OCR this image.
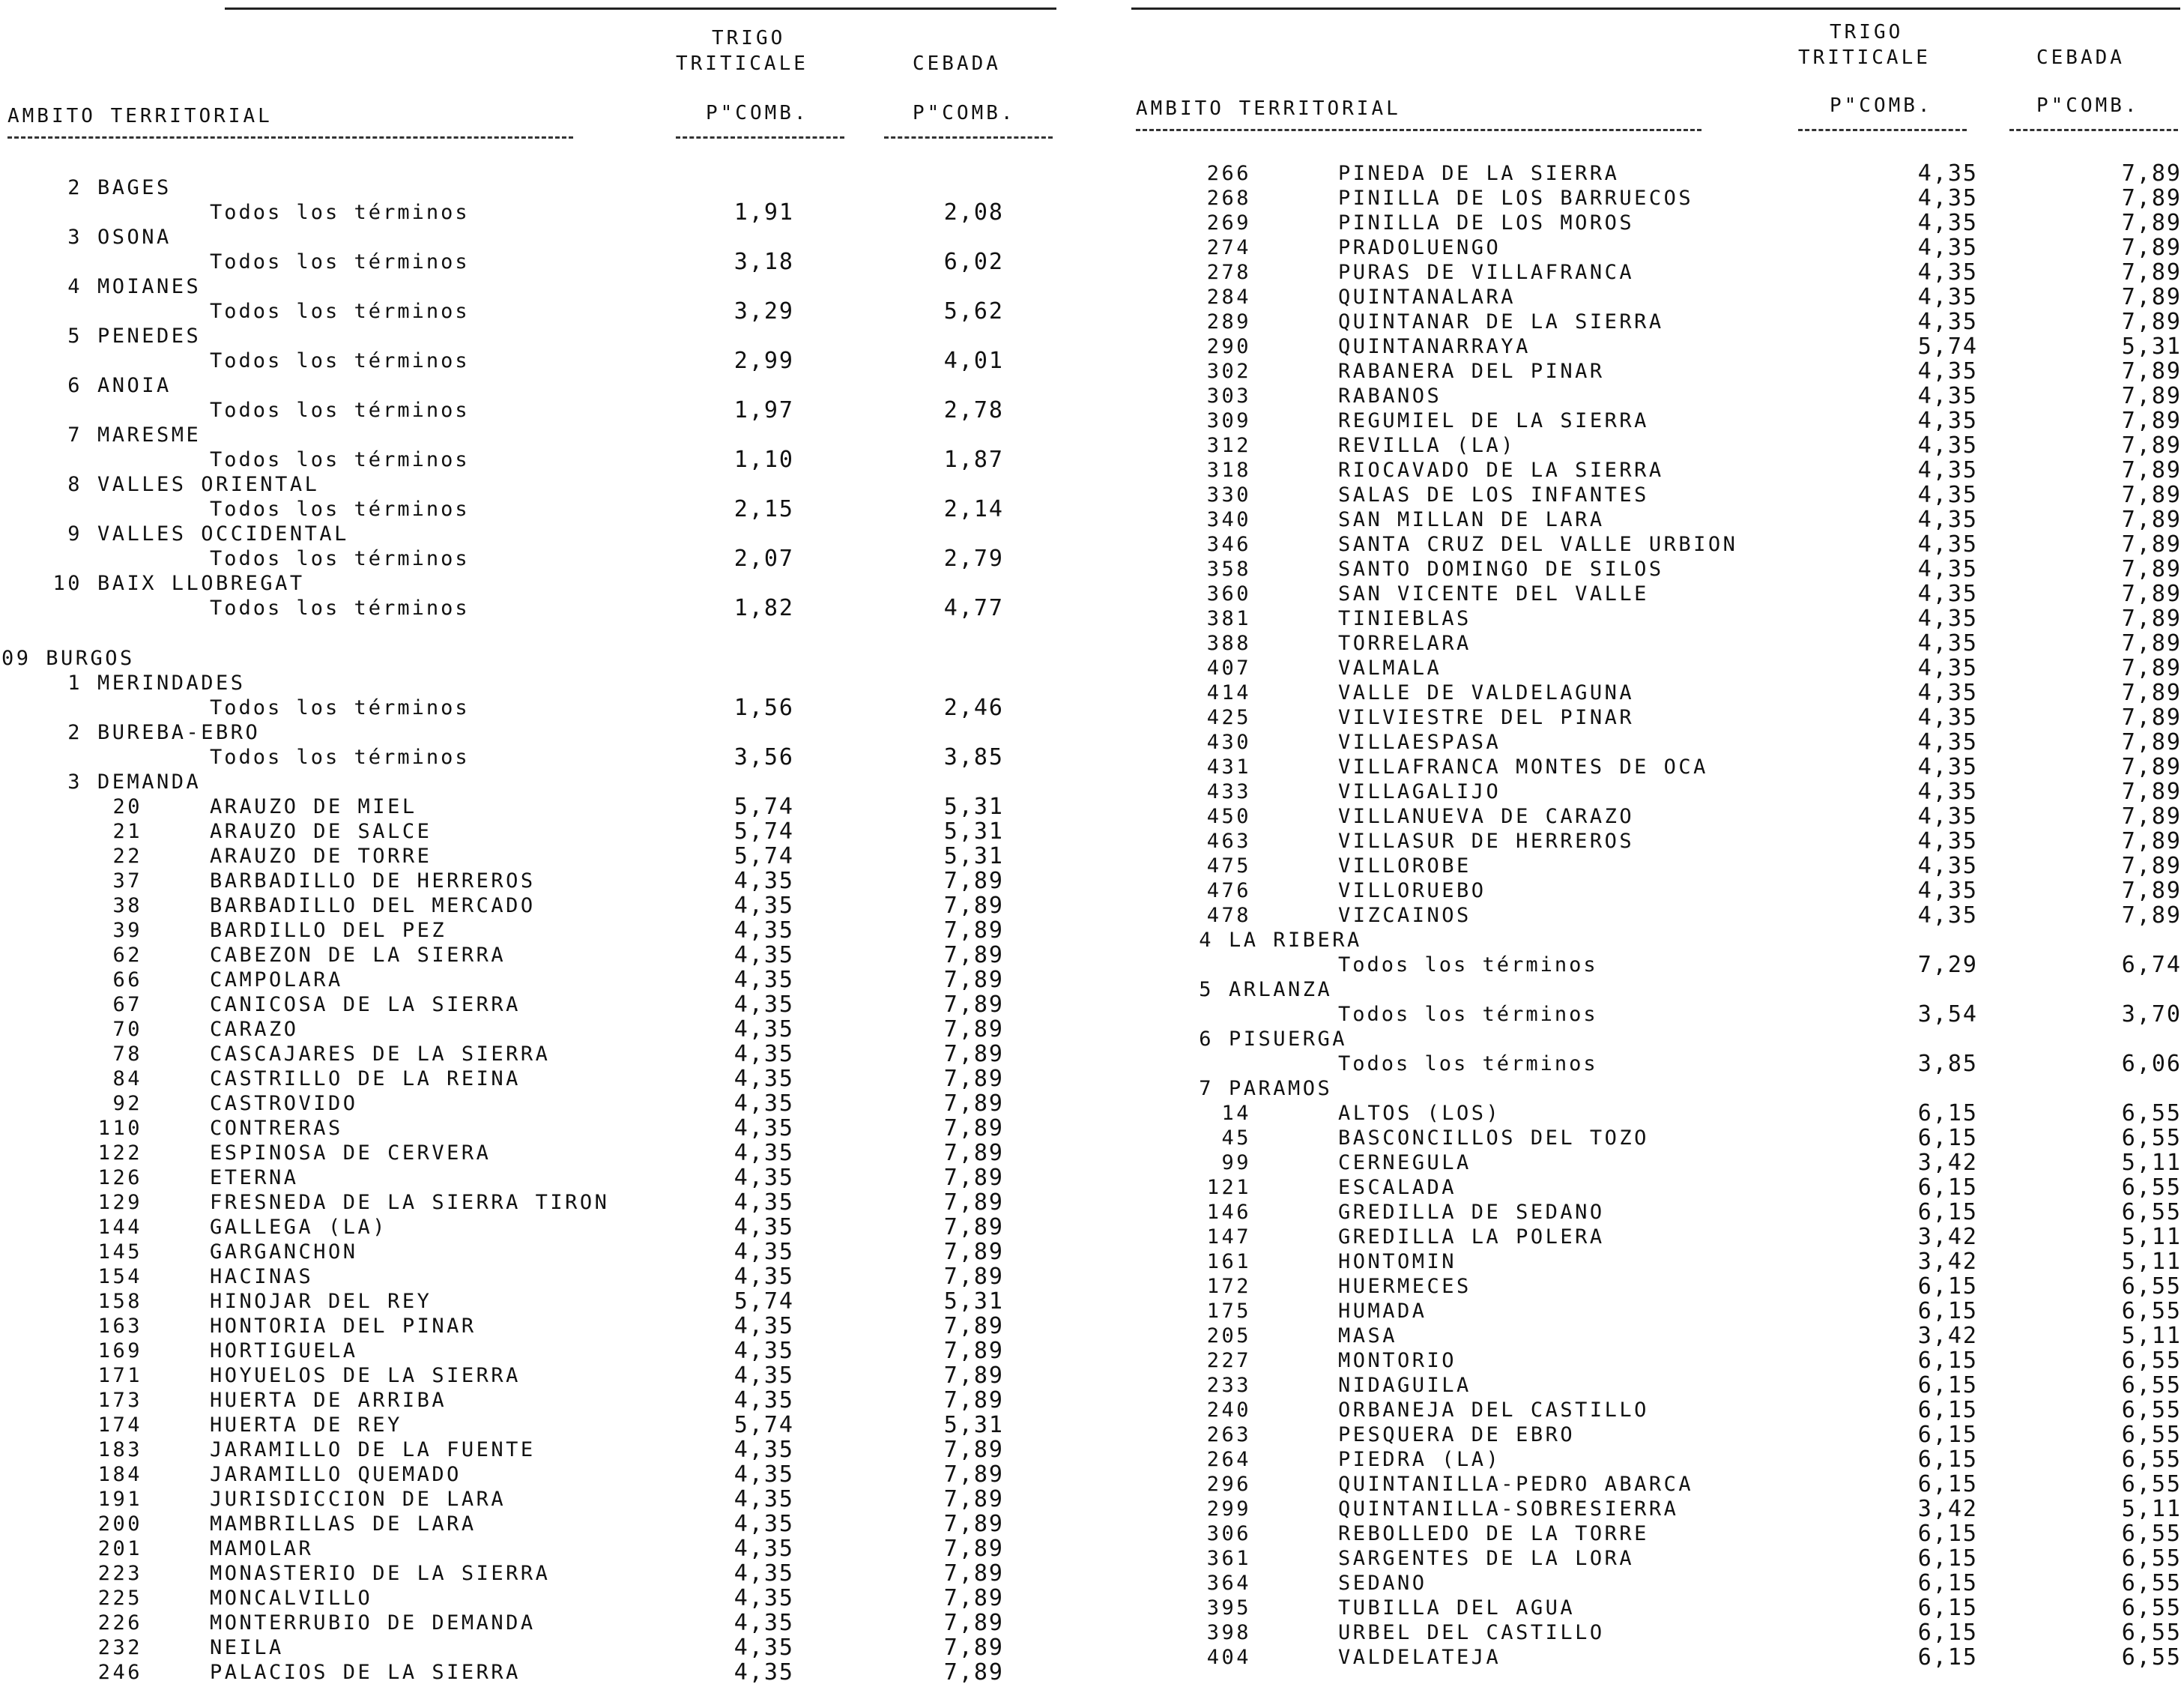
TRIGO
TRITICALE	CEBADA
AMBITO TERRITORIAL	P"COMB.	P"COMB.
2 BAGES
Todos los términos	1,91	2,08
3 OSONA
Todos los términos	3,18	6,02
4 MOIANES
Todos los términos	3,29	5,62
5 PENEDES
Todos los términos	2,99	4,01
6 ANOIA
Todos los términos	1,97	2,78
7 MARESME
Todos los términos	1,10	1,87
8 VALLES ORIENTAL
Todos los términos	2,15	2,14
9 VALLES OCCIDENTAL
Todos los términos	2,07	2,79
10 BAIX LLOBREGAT
Todos los términos	1,82	4,77
09 BURGOS
1 MERINDADES
Todos los términos	1,56	2,46
2 BUREBA-EBRO
Todos los términos	3,56	3,85
3 DEMANDA
20	ARAUZO DE MIEL	5,74	5,31
21	ARAUZO DE SALCE	5,74	5,31
22	ARAUZO DE TORRE	5,74	5,31
37	BARBADILLO DE HERREROS	4,35	7,89
38	BARBADILLO DEL MERCADO	4,35	7,89
39	BARDILLO DEL PEZ	4,35	7,89
62	CABEZON DE LA SIERRA	4,35	7,89
66	CAMPOLARA	4,35	7,89
67	CANICOSA DE LA SIERRA	4,35	7,89
70	CARAZO	4,35	7,89
78	CASCAJARES DE LA SIERRA	4,35	7,89
84	CASTRILLO DE LA REINA	4,35	7,89
92	CASTROVIDO	4,35	7,89
110	CONTRERAS	4,35	7,89
122	ESPINOSA DE CERVERA	4,35	7,89
126	ETERNA	4,35	7,89
129	FRESNEDA DE LA SIERRA TIRON	4,35	7,89
144	GALLEGA (LA)	4,35	7,89
145	GARGANCHON	4,35	7,89
154	HACINAS	4,35	7,89
158	HINOJAR DEL REY	5,74	5,31
163	HONTORIA DEL PINAR	4,35	7,89
169	HORTIGUELA	4,35	7,89
171	HOYUELOS DE LA SIERRA	4,35	7,89
173	HUERTA DE ARRIBA	4,35	7,89
174	HUERTA DE REY	5,74	5,31
183	JARAMILLO DE LA FUENTE	4,35	7,89
184	JARAMILLO QUEMADO	4,35	7,89
191	JURISDICCION DE LARA	4,35	7,89
200	MAMBRILLAS DE LARA	4,35	7,89
201	MAMOLAR	4,35	7,89
223	MONASTERIO DE LA SIERRA	4,35	7,89
225	MONCALVILLO	4,35	7,89
226	MONTERRUBIO DE DEMANDA	4,35	7,89
232	NEILA	4,35	7,89
246	PALACIOS DE LA SIERRA	4,35	7,89
TRIGO
TRITICALE	CEBADA
AMBITO TERRITORIAL	P"COMB.	P"COMB.
266	PINEDA DE LA SIERRA	4,35	7,89
268	PINILLA DE LOS BARRUECOS	4,35	7,89
269	PINILLA DE LOS MOROS	4,35	7,89
274	PRADOLUENGO	4,35	7,89
278	PURAS DE VILLAFRANCA	4,35	7,89
284	QUINTANALARA	4,35	7,89
289	QUINTANAR DE LA SIERRA	4,35	7,89
290	QUINTANARRAYA	5,74	5,31
302	RABANERA DEL PINAR	4,35	7,89
303	RABANOS	4,35	7,89
309	REGUMIEL DE LA SIERRA	4,35	7,89
312	REVILLA (LA)	4,35	7,89
318	RIOCAVADO DE LA SIERRA	4,35	7,89
330	SALAS DE LOS INFANTES	4,35	7,89
340	SAN MILLAN DE LARA	4,35	7,89
346	SANTA CRUZ DEL VALLE URBION	4,35	7,89
358	SANTO DOMINGO DE SILOS	4,35	7,89
360	SAN VICENTE DEL VALLE	4,35	7,89
381	TINIEBLAS	4,35	7,89
388	TORRELARA	4,35	7,89
407	VALMALA	4,35	7,89
414	VALLE DE VALDELAGUNA	4,35	7,89
425	VILVIESTRE DEL PINAR	4,35	7,89
430	VILLAESPASA	4,35	7,89
431	VILLAFRANCA MONTES DE OCA	4,35	7,89
433	VILLAGALIJO	4,35	7,89
450	VILLANUEVA DE CARAZO	4,35	7,89
463	VILLASUR DE HERREROS	4,35	7,89
475	VILLOROBE	4,35	7,89
476	VILLORUEBO	4,35	7,89
478	VIZCAINOS	4,35	7,89
4 LA RIBERA
Todos los términos	7,29	6,74
5 ARLANZA
Todos los términos	3,54	3,70
6 PISUERGA
Todos los términos	3,85	6,06
7 PARAMOS
14	ALTOS (LOS)	6,15	6,55
45	BASCONCILLOS DEL TOZO	6,15	6,55
99	CERNEGULA	3,42	5,11
121	ESCALADA	6,15	6,55
146	GREDILLA DE SEDANO	6,15	6,55
147	GREDILLA LA POLERA	3,42	5,11
161	HONTOMIN	3,42	5,11
172	HUERMECES	6,15	6,55
175	HUMADA	6,15	6,55
205	MASA	3,42	5,11
227	MONTORIO	6,15	6,55
233	NIDAGUILA	6,15	6,55
240	ORBANEJA DEL CASTILLO	6,15	6,55
263	PESQUERA DE EBRO	6,15	6,55
264	PIEDRA (LA)	6,15	6,55
296	QUINTANILLA-PEDRO ABARCA	6,15	6,55
299	QUINTANILLA-SOBRESIERRA	3,42	5,11
306	REBOLLEDO DE LA TORRE	6,15	6,55
361	SARGENTES DE LA LORA	6,15	6,55
364	SEDANO	6,15	6,55
395	TUBILLA DEL AGUA	6,15	6,55
398	URBEL DEL CASTILLO	6,15	6,55
404	VALDELATEJA	6,15	6,55
